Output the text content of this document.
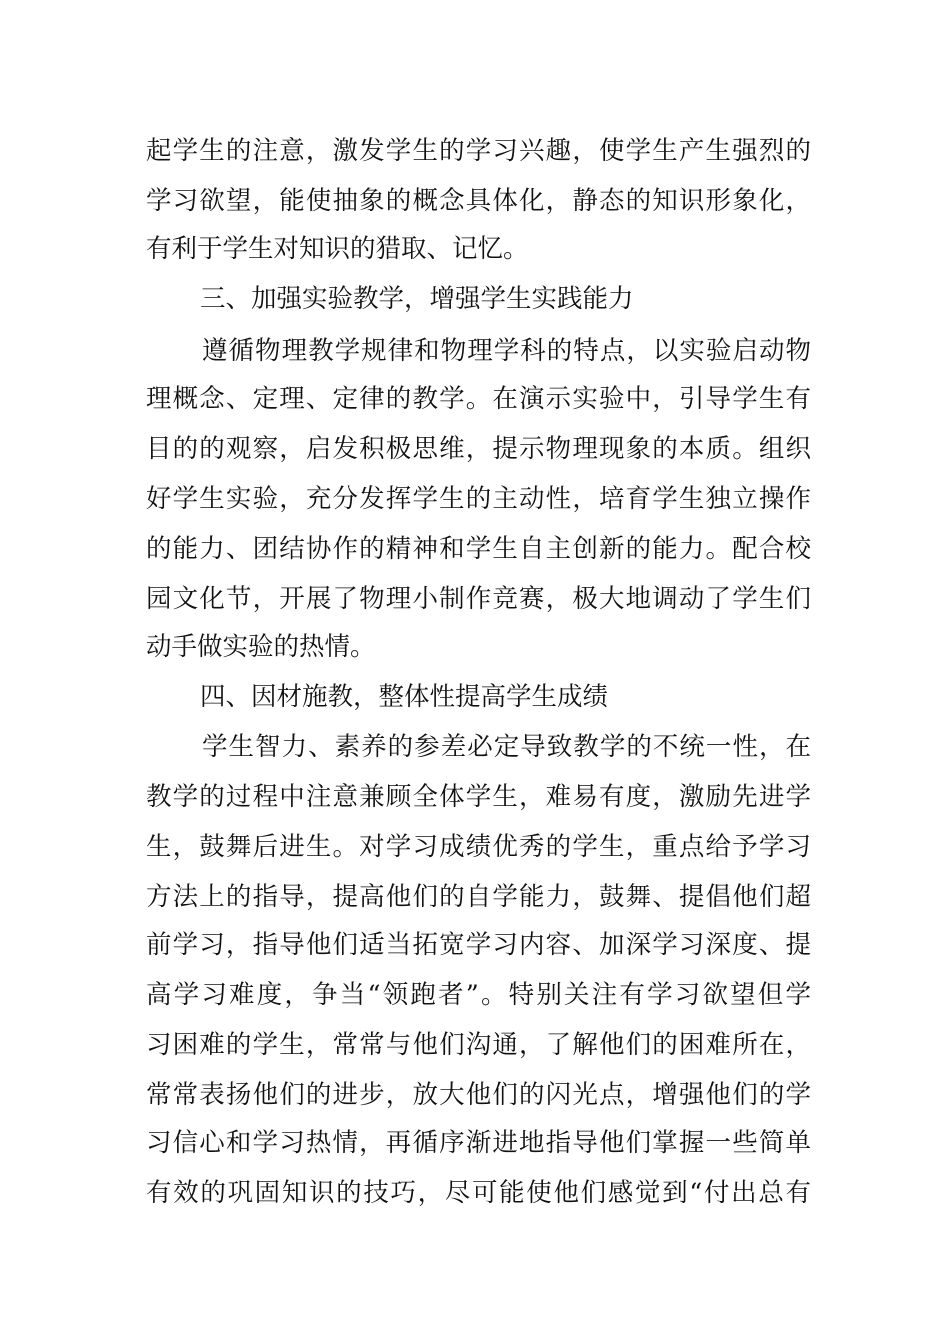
起学生的注意，激发学生的学习兴趣，使学生产生强烈的
学习欲望，能使抽象的概念具体化，静态的知识形象化，
有利于学生对知识的猎取、记忆。
三、加强实验教学，增强学生实践能力
遵循物理教学规律和物理学科的特点，以实验启动物
理概念、定理、定律的教学。在演示实验中，引导学生有
目的的观察，启发积极思维，提示物理现象的本质。组织
好学生实验，充分发挥学生的主动性，培育学生独立操作
的能力、团结协作的精神和学生自主创新的能力。配合校
园文化节，开展了物理小制作竞赛，极大地调动了学生们
动手做实验的热情。
四、因材施教，整体性提高学生成绩
学生智力、素养的参差必定导致教学的不统一性，在
教学的过程中注意兼顾全体学生，难易有度，激励先进学
生，鼓舞后进生。对学习成绩优秀的学生，重点给予学习
方法上的指导，提高他们的自学能力，鼓舞、提倡他们超
前学习，指导他们适当拓宽学习内容、加深学习深度、提
高学习难度，争当“领跑者”。特别关注有学习欲望但学
习困难的学生，常常与他们沟通，了解他们的困难所在，
常常表扬他们的进步，放大他们的闪光点，增强他们的学
习信心和学习热情，再循序渐进地指导他们掌握一些简单
有效的巩固知识的技巧，尽可能使他们感觉到“付出总有
